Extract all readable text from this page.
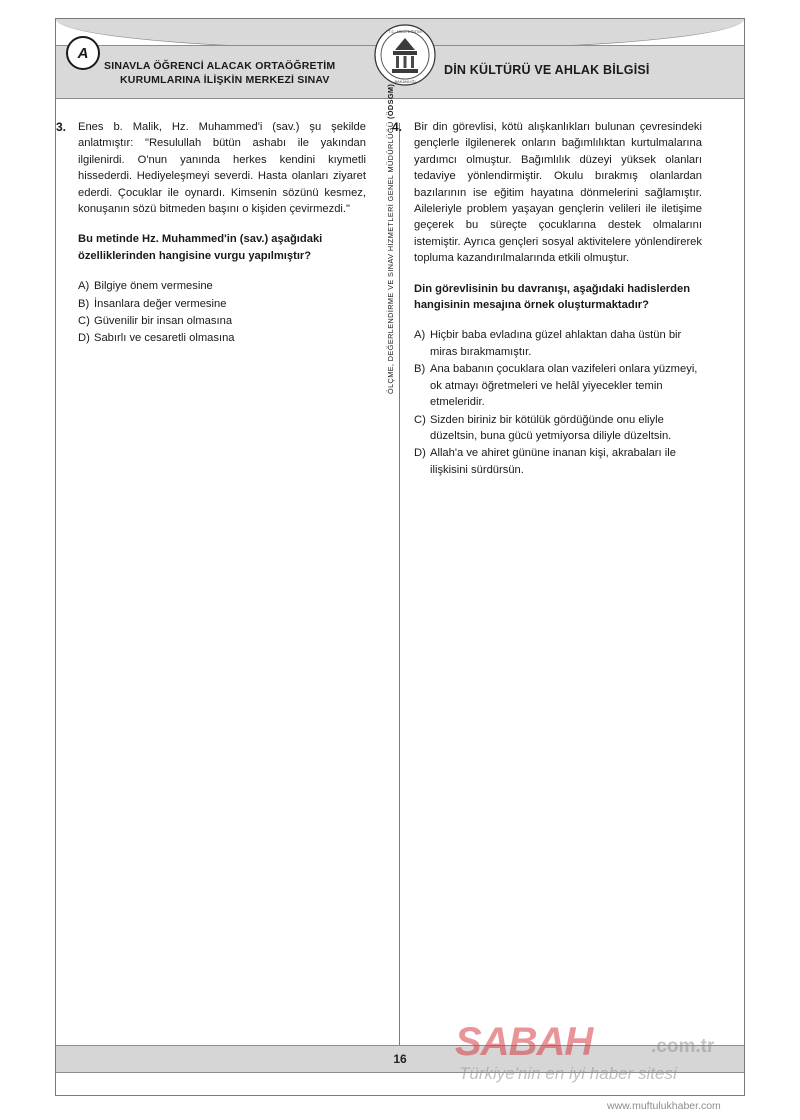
A
SINAVLA ÖĞRENCİ ALACAK ORTAÖĞRETİM
KURUMLARINA İLİŞKİN MERKEZİ SINAV
T.C. MİLLÎ EĞİTİM
BAKANLIĞI
DİN KÜLTÜRÜ VE AHLAK BİLGİSİ
ÖLÇME, DEĞERLENDİRME VE SINAV HİZMETLERİ GENEL MÜDÜRLÜĞÜ (ÖDSGM)
3. Enes b. Malik, Hz. Muhammed'i (sav.) şu şekilde anlatmıştır: "Resulullah bütün ashabı ile yakından ilgilenirdi. O'nun yanında herkes kendini kıymetli hissederdi. Hediyeleşmeyi severdi. Hasta olanları ziyaret ederdi. Çocuklar ile oynardı. Kimsenin sözünü kesmez, konuşanın sözü bitmeden başını o kişiden çevirmezdi."

Bu metinde Hz. Muhammed'in (sav.) aşağıdaki özelliklerinden hangisine vurgu yapılmıştır?

A) Bilgiye önem vermesine
B) İnsanlara değer vermesine
C) Güvenilir bir insan olmasına
D) Sabırlı ve cesaretli olmasına
4. Bir din görevlisi, kötü alışkanlıkları bulunan çevresindeki gençlerle ilgilenerek onların bağımlılıktan kurtulmalarına yardımcı olmuştur. Bağımlılık düzeyi yüksek olanları tedaviye yönlendirmiştir. Okulu bırakmış olanlardan bazılarının ise eğitim hayatına dönmelerini sağlamıştır. Aileleriyle problem yaşayan gençlerin velileri ile iletişime geçerek bu süreçte çocuklarına destek olmalarını istemiştir. Ayrıca gençleri sosyal aktivitelere yönlendirerek topluma kazandırılmalarında etkili olmuştur.

Din görevlisinin bu davranışı, aşağıdaki hadislerden hangisinin mesajına örnek oluşturmaktadır?

A) Hiçbir baba evladına güzel ahlaktan daha üstün bir miras bırakmamıştır.
B) Ana babanın çocuklara olan vazifeleri onlara yüzmeyi, ok atmayı öğretmeleri ve helâl yiyecekler temin etmeleridir.
C) Sizden biriniz bir kötülük gördüğünde onu eliyle düzeltsin, buna gücü yetmiyorsa diliyle düzeltsin.
D) Allah'a ve ahiret gününe inanan kişi, akrabaları ile ilişkisini sürdürsün.
16 SABAH	.com.tr
Türkiye'nin en iyi haber sitesi
www.muftulukhaber.com
